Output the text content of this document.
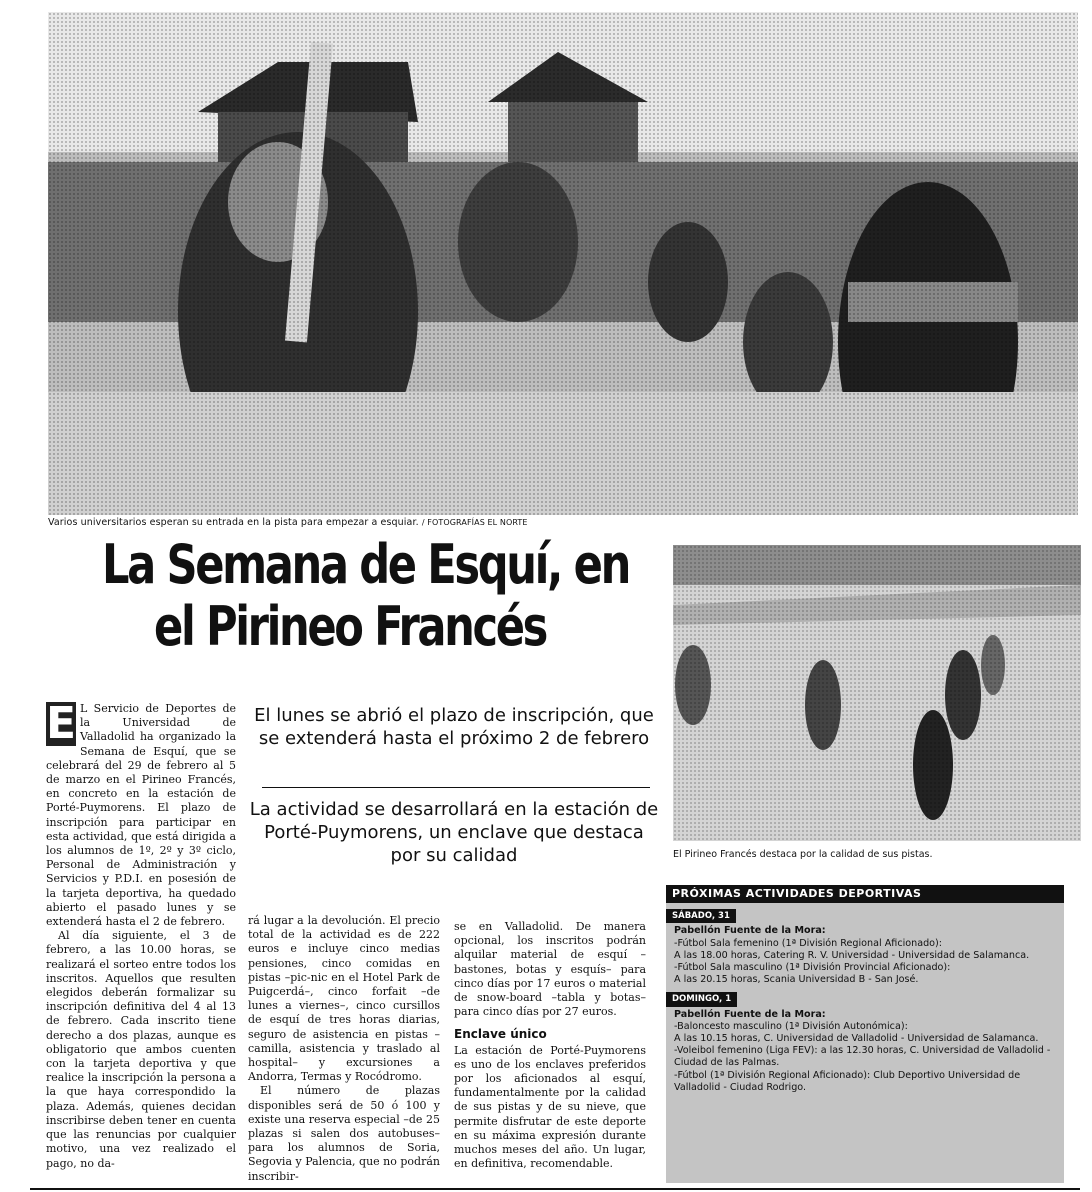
Varios universitarios esperan su entrada en la pista para empezar a esquiar. / FOTOGRAFÍAS EL NORTE
La Semana de Esquí, en
el Pirineo Francés
El Pirineo Francés destaca por la calidad de sus pistas.
El lunes se abrió el plazo de inscripción, que se extenderá hasta el próximo 2 de febrero
La actividad se desarrollará en la estación de Porté-Puymorens, un enclave que destaca por su calidad
E L Servicio de Deportes de la Universidad de Valladolid ha organizado la Semana de Esquí, que se celebrará del 29 de febrero al 5 de marzo en el Pirineo Francés, en concreto en la estación de Porté-Puymorens. El plazo de inscripción para participar en esta actividad, que está dirigida a los alumnos de 1º, 2º y 3º ciclo, Personal de Administración y Servicios y P.D.I. en posesión de la tarjeta deportiva, ha quedado abierto el pasado lunes y se extenderá hasta el 2 de febrero.

Al día siguiente, el 3 de febrero, a las 10.00 horas, se realizará el sorteo entre todos los inscritos. Aquellos que resulten elegidos deberán formalizar su inscripción definitiva del 4 al 13 de febrero. Cada inscrito tiene derecho a dos plazas, aunque es obligatorio que ambos cuenten con la tarjeta deportiva y que realice la inscripción la persona a la que haya correspondido la plaza. Además, quienes decidan inscribirse deben tener en cuenta que las renuncias por cualquier motivo, una vez realizado el pago, no da-

rá lugar a la devolución. El precio total de la actividad es de 222 euros e incluye cinco medias pensiones, cinco comidas en pistas –pic-nic en el Hotel Park de Puigcerdá–, cinco forfait –de lunes a viernes–, cinco cursillos de esquí de tres horas diarias, seguro de asistencia en pistas –camilla, asistencia y traslado al hospital– y excursiones a Andorra, Termas y Rocódromo.

El número de plazas disponibles será de 50 ó 100 y existe una reserva especial –de 25 plazas si salen dos autobuses– para los alumnos de Soria, Segovia y Palencia, que no podrán inscribir-

se en Valladolid. De manera opcional, los inscritos podrán alquilar material de esquí –bastones, botas y esquís– para cinco días por 17 euros o material de snow-board –tabla y botas– para cinco días por 27 euros.

Enclave único

La estación de Porté-Puymorens es uno de los enclaves preferidos por los aficionados al esquí, fundamentalmente por la calidad de sus pistas y de su nieve, que permite disfrutar de este deporte en su máxima expresión durante muchos meses del año. Un lugar, en definitiva, recomendable.

PRÓXIMAS ACTIVIDADES DEPORTIVAS
SÁBADO, 31
Pabellón Fuente de la Mora:
-Fútbol Sala femenino (1ª División Regional Aficionado):
A las 18.00 horas, Catering R. V. Universidad - Universidad de Salamanca.
-Fútbol Sala masculino (1ª División Provincial Aficionado):
A las 20.15 horas, Scania Universidad B - San José.
DOMINGO, 1
Pabellón Fuente de la Mora:
-Baloncesto masculino (1ª División Autonómica):
A las 10.15 horas, C. Universidad de Valladolid - Universidad de Salamanca.
-Voleibol femenino (Liga FEV): a las 12.30 horas, C. Universidad de Valladolid - Ciudad de las Palmas.
-Fútbol (1ª División Regional Aficionado): Club Deportivo Universidad de Valladolid - Ciudad Rodrigo.
